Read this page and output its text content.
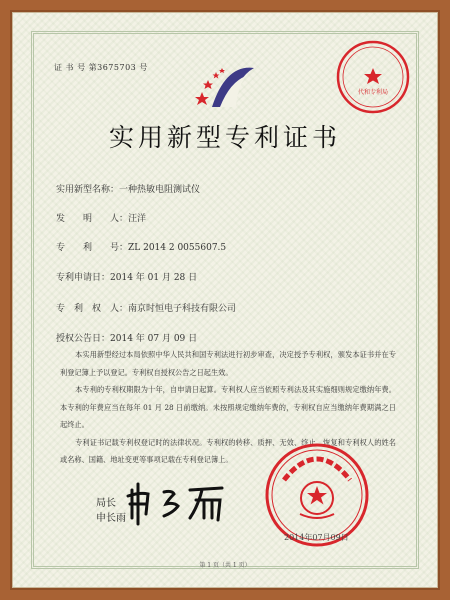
证 书 号 第3675703 号
代和专利局
实用新型专利证书
实用新型名称：一种热敏电阻测试仪
发　　明　　人：汪洋
专　　利　　号：ZL 2014 2 0055607.5
专利申请日：2014 年 01 月 28 日
专　利　权　人：南京时恒电子科技有限公司
授权公告日：2014 年 07 月 09 日

本实用新型经过本局依照中华人民共和国专利法进行初步审查，决定授予专利权，颁发本证书并在专利登记簿上予以登记。专利权自授权公告之日起生效。

本专利的专利权期限为十年，自申请日起算。专利权人应当依照专利法及其实施细则规定缴纳年费。本专利的年费应当在每年 01 月 28 日前缴纳。未按照规定缴纳年费的，专利权自应当缴纳年费期满之日起终止。

专利证书记载专利权登记时的法律状况。专利权的转移、质押、无效、终止、恢复和专利权人的姓名或名称、国籍、地址变更等事项记载在专利登记簿上。

局长
申长雨
2014年07月09日
第 1 页（共 1 页）
